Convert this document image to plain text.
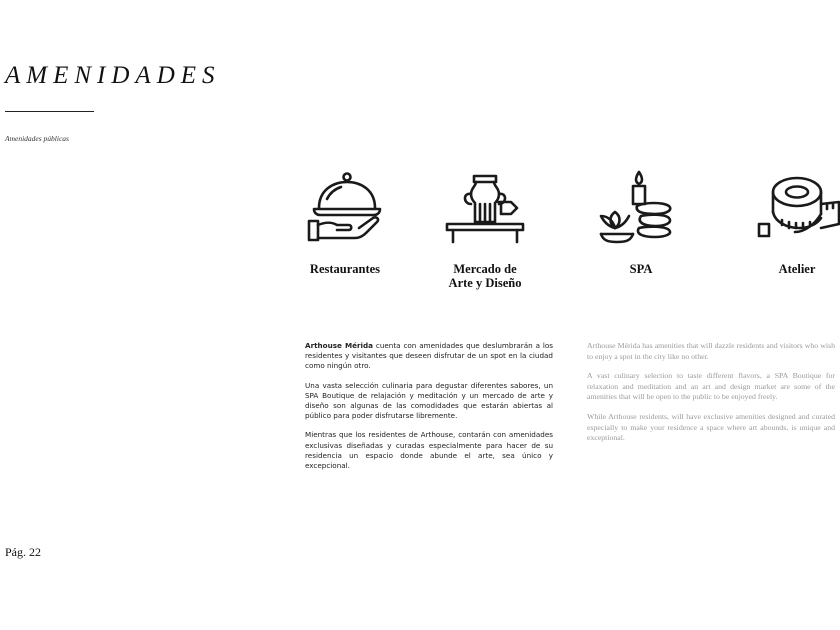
AMENIDADES
Amenidades públicas
Restaurantes	Mercado de
Arte y Diseño
SPA	Atelier

Arthouse Mérida cuenta con amenidades que deslumbrarán a los residentes y visitantes que deseen disfrutar de un spot en la ciudad como ningún otro.

Una vasta selección culinaria para degustar diferentes sabores, un SPA Boutique de relajación y meditación y un mercado de arte y diseño son algunas de las comodidades que estarán abiertas al público para poder disfrutarse libremente.

Mientras que los residentes de Arthouse, contarán con amenidades exclusivas diseñadas y curadas especialmente para hacer de su residencia un espacio donde abunde el arte, sea único y excepcional.

Arthouse Mérida has amenities that will dazzle residents and visitors who wish to enjoy a spot in the city like no other.

A vast culinary selection to taste different flavors, a SPA Boutique for relaxation and meditation and an art and design market are some of the amenities that will be open to the public to be enjoyed freely.

While Arthouse residents, will have exclusive amenities designed and curated especially to make your residence a space where art abounds, is unique and exceptional.

Pág. 22
